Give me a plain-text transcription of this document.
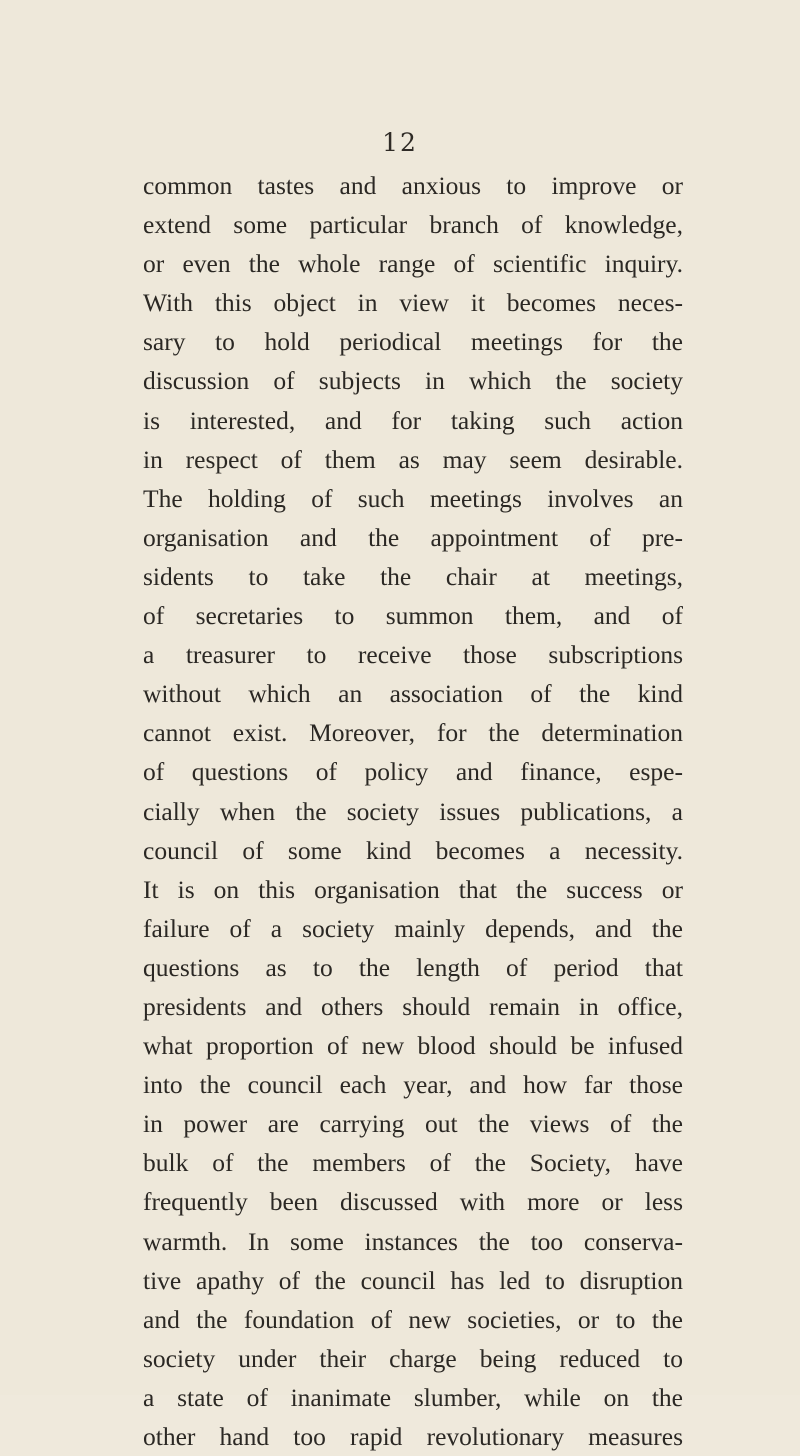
12
common tastes and anxious to improve or
extend some particular branch of knowledge,
or even the whole range of scientific inquiry.
With this object in view it becomes neces-
sary to hold periodical meetings for the
discussion of subjects in which the society
is interested, and for taking such action
in respect of them as may seem desirable.
The holding of such meetings involves an
organisation and the appointment of pre-
sidents to take the chair at meetings,
of secretaries to summon them, and of
a treasurer to receive those subscriptions
without which an association of the kind
cannot exist. Moreover, for the determination
of questions of policy and finance, espe-
cially when the society issues publications, a
council of some kind becomes a necessity.
It is on this organisation that the success or
failure of a society mainly depends, and the
questions as to the length of period that
presidents and others should remain in office,
what proportion of new blood should be infused
into the council each year, and how far those
in power are carrying out the views of the
bulk of the members of the Society, have
frequently been discussed with more or less
warmth. In some instances the too conserva-
tive apathy of the council has led to disruption
and the foundation of new societies, or to the
society under their charge being reduced to
a state of inanimate slumber, while on the
other hand too rapid revolutionary measures
